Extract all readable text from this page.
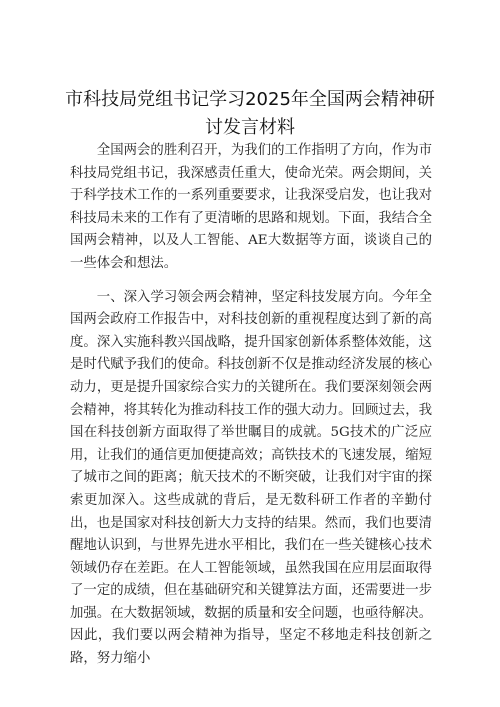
市科技局党组书记学习2025年全国两会精神研
讨发言材料

全国两会的胜利召开，为我们的工作指明了方向，作为市科技局党组书记，我深感责任重大，使命光荣。两会期间，关于科学技术工作的一系列重要要求，让我深受启发，也让我对科技局未来的工作有了更清晰的思路和规划。下面，我结合全国两会精神，以及人工智能、AE大数据等方面，谈谈自己的一些体会和想法。

一、深入学习领会两会精神，坚定科技发展方向。今年全国两会政府工作报告中，对科技创新的重视程度达到了新的高度。深入实施科教兴国战略，提升国家创新体系整体效能，这是时代赋予我们的使命。科技创新不仅是推动经济发展的核心动力，更是提升国家综合实力的关键所在。我们要深刻领会两会精神，将其转化为推动科技工作的强大动力。回顾过去，我国在科技创新方面取得了举世瞩目的成就。5G技术的广泛应用，让我们的通信更加便捷高效；高铁技术的飞速发展，缩短了城市之间的距离；航天技术的不断突破，让我们对宇宙的探索更加深入。这些成就的背后，是无数科研工作者的辛勤付出，也是国家对科技创新大力支持的结果。然而，我们也要清醒地认识到，与世界先进水平相比，我们在一些关键核心技术领域仍存在差距。在人工智能领域，虽然我国在应用层面取得了一定的成绩，但在基础研究和关键算法方面，还需要进一步加强。在大数据领域，数据的质量和安全问题，也亟待解决。因此，我们要以两会精神为指导，坚定不移地走科技创新之路，努力缩小
